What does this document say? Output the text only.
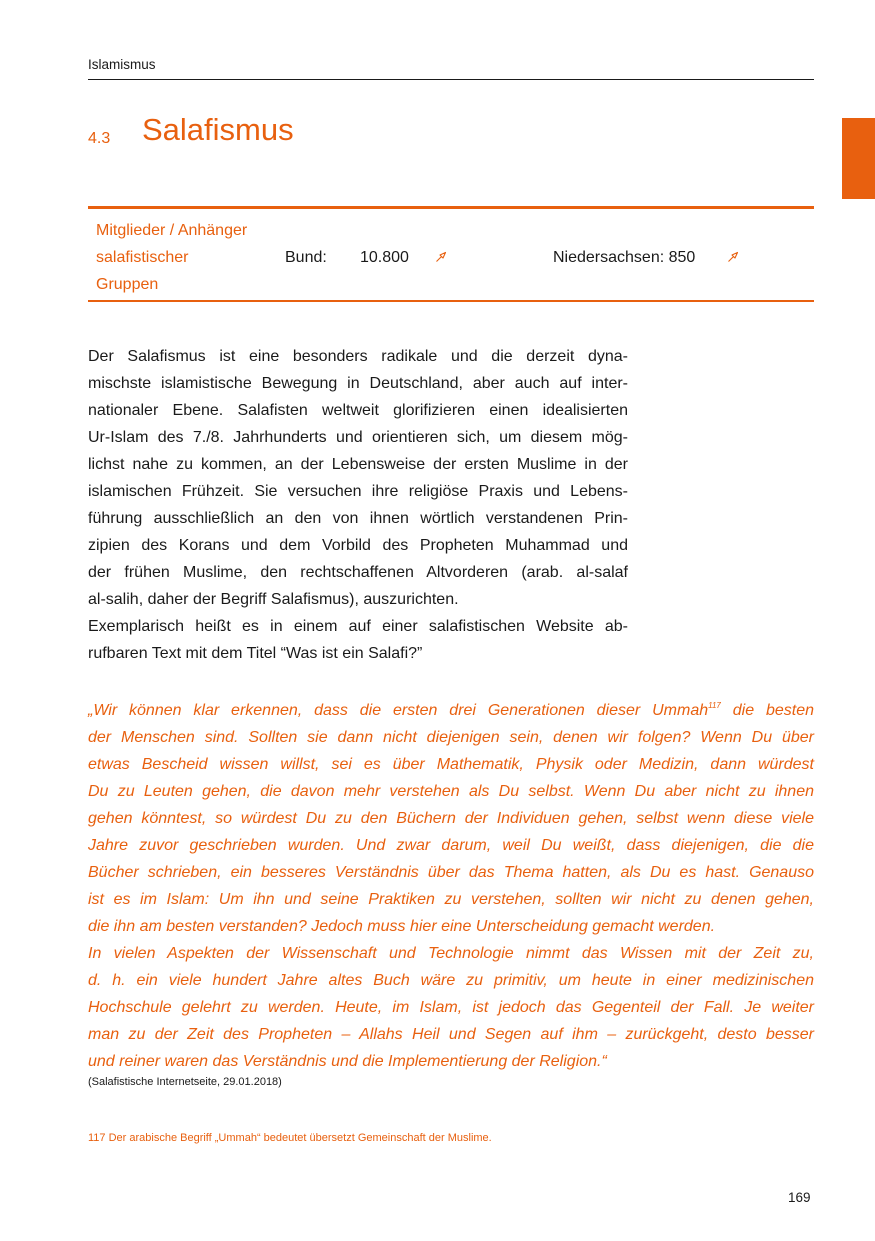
Islamismus
4.3 Salafismus
Mitglieder / Anhänger
salafistischer
Gruppen
Bund: 10.800	Niedersachsen: 850
Der Salafismus ist eine besonders radikale und die derzeit dyna-
mischste islamistische Bewegung in Deutschland, aber auch auf inter-
nationaler Ebene. Salafisten weltweit glorifizieren einen idealisierten
Ur-Islam des 7./8. Jahrhunderts und orientieren sich, um diesem mög-
lichst nahe zu kommen, an der Lebensweise der ersten Muslime in der
islamischen Frühzeit. Sie versuchen ihre religiöse Praxis und Lebens-
führung ausschließlich an den von ihnen wörtlich verstandenen Prin-
zipien des Korans und dem Vorbild des Propheten Muhammad und
der frühen Muslime, den rechtschaffenen Altvorderen (arab. al-salaf
al-salih, daher der Begriff Salafismus), auszurichten.
Exemplarisch heißt es in einem auf einer salafistischen Website ab-
rufbaren Text mit dem Titel “Was ist ein Salafi?”
„Wir können klar erkennen, dass die ersten drei Generationen dieser Ummah$^{117}$ die besten
der Menschen sind. Sollten sie dann nicht diejenigen sein, denen wir folgen? Wenn Du über
etwas Bescheid wissen willst, sei es über Mathematik, Physik oder Medizin, dann würdest
Du zu Leuten gehen, die davon mehr verstehen als Du selbst. Wenn Du aber nicht zu ihnen
gehen könntest, so würdest Du zu den Büchern der Individuen gehen, selbst wenn diese viele
Jahre zuvor geschrieben wurden. Und zwar darum, weil Du weißt, dass diejenigen, die die
Bücher schrieben, ein besseres Verständnis über das Thema hatten, als Du es hast. Genauso
ist es im Islam: Um ihn und seine Praktiken zu verstehen, sollten wir nicht zu denen gehen,
die ihn am besten verstanden? Jedoch muss hier eine Unterscheidung gemacht werden.
In vielen Aspekten der Wissenschaft und Technologie nimmt das Wissen mit der Zeit zu,
d. h. ein viele hundert Jahre altes Buch wäre zu primitiv, um heute in einer medizinischen
Hochschule gelehrt zu werden. Heute, im Islam, ist jedoch das Gegenteil der Fall. Je weiter
man zu der Zeit des Propheten – Allahs Heil und Segen auf ihm – zurückgeht, desto besser
und reiner waren das Verständnis und die Implementierung der Religion.“
(Salafistische Internetseite, 29.01.2018)
117 Der arabische Begriff „Ummah“ bedeutet übersetzt Gemeinschaft der Muslime.
169
